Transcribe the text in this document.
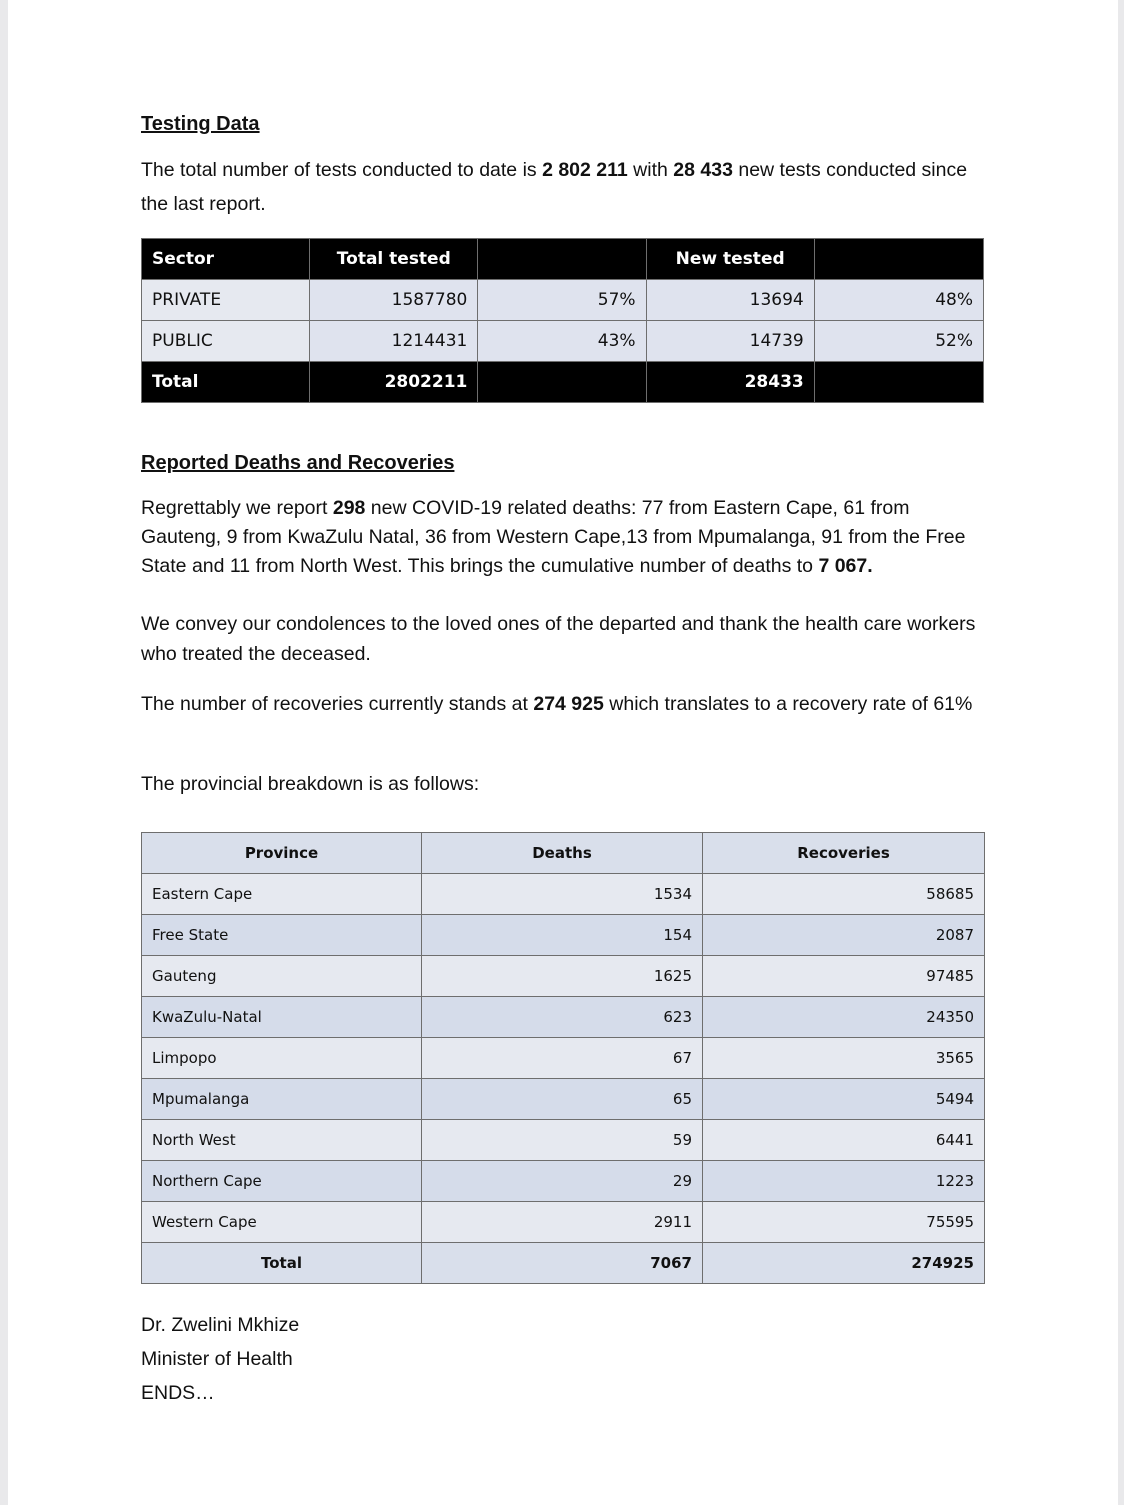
Testing Data

The total number of tests conducted to date is 2 802 211 with 28 433 new tests conducted since the last report.

Sector	Total tested		New tested	
PRIVATE	1587780	57%	13694	48%
PUBLIC	1214431	43%	14739	52%
Total	2802211		28433	
Reported Deaths and Recoveries

Regrettably we report 298 new COVID-19 related deaths: 77 from Eastern Cape, 61 from Gauteng, 9 from KwaZulu Natal, 36 from Western Cape,13 from Mpumalanga, 91 from the Free State and 11 from North West. This brings the cumulative number of deaths to 7 067.

We convey our condolences to the loved ones of the departed and thank the health care workers who treated the deceased.

The number of recoveries currently stands at 274 925 which translates to a recovery rate of 61%

The provincial breakdown is as follows:

Province	Deaths	Recoveries
Eastern Cape	1534	58685
Free State	154	2087
Gauteng	1625	97485
KwaZulu-Natal	623	24350
Limpopo	67	3565
Mpumalanga	65	5494
North West	59	6441
Northern Cape	29	1223
Western Cape	2911	75595
Total	7067	274925

Dr. Zwelini Mkhize
Minister of Health
ENDS…
